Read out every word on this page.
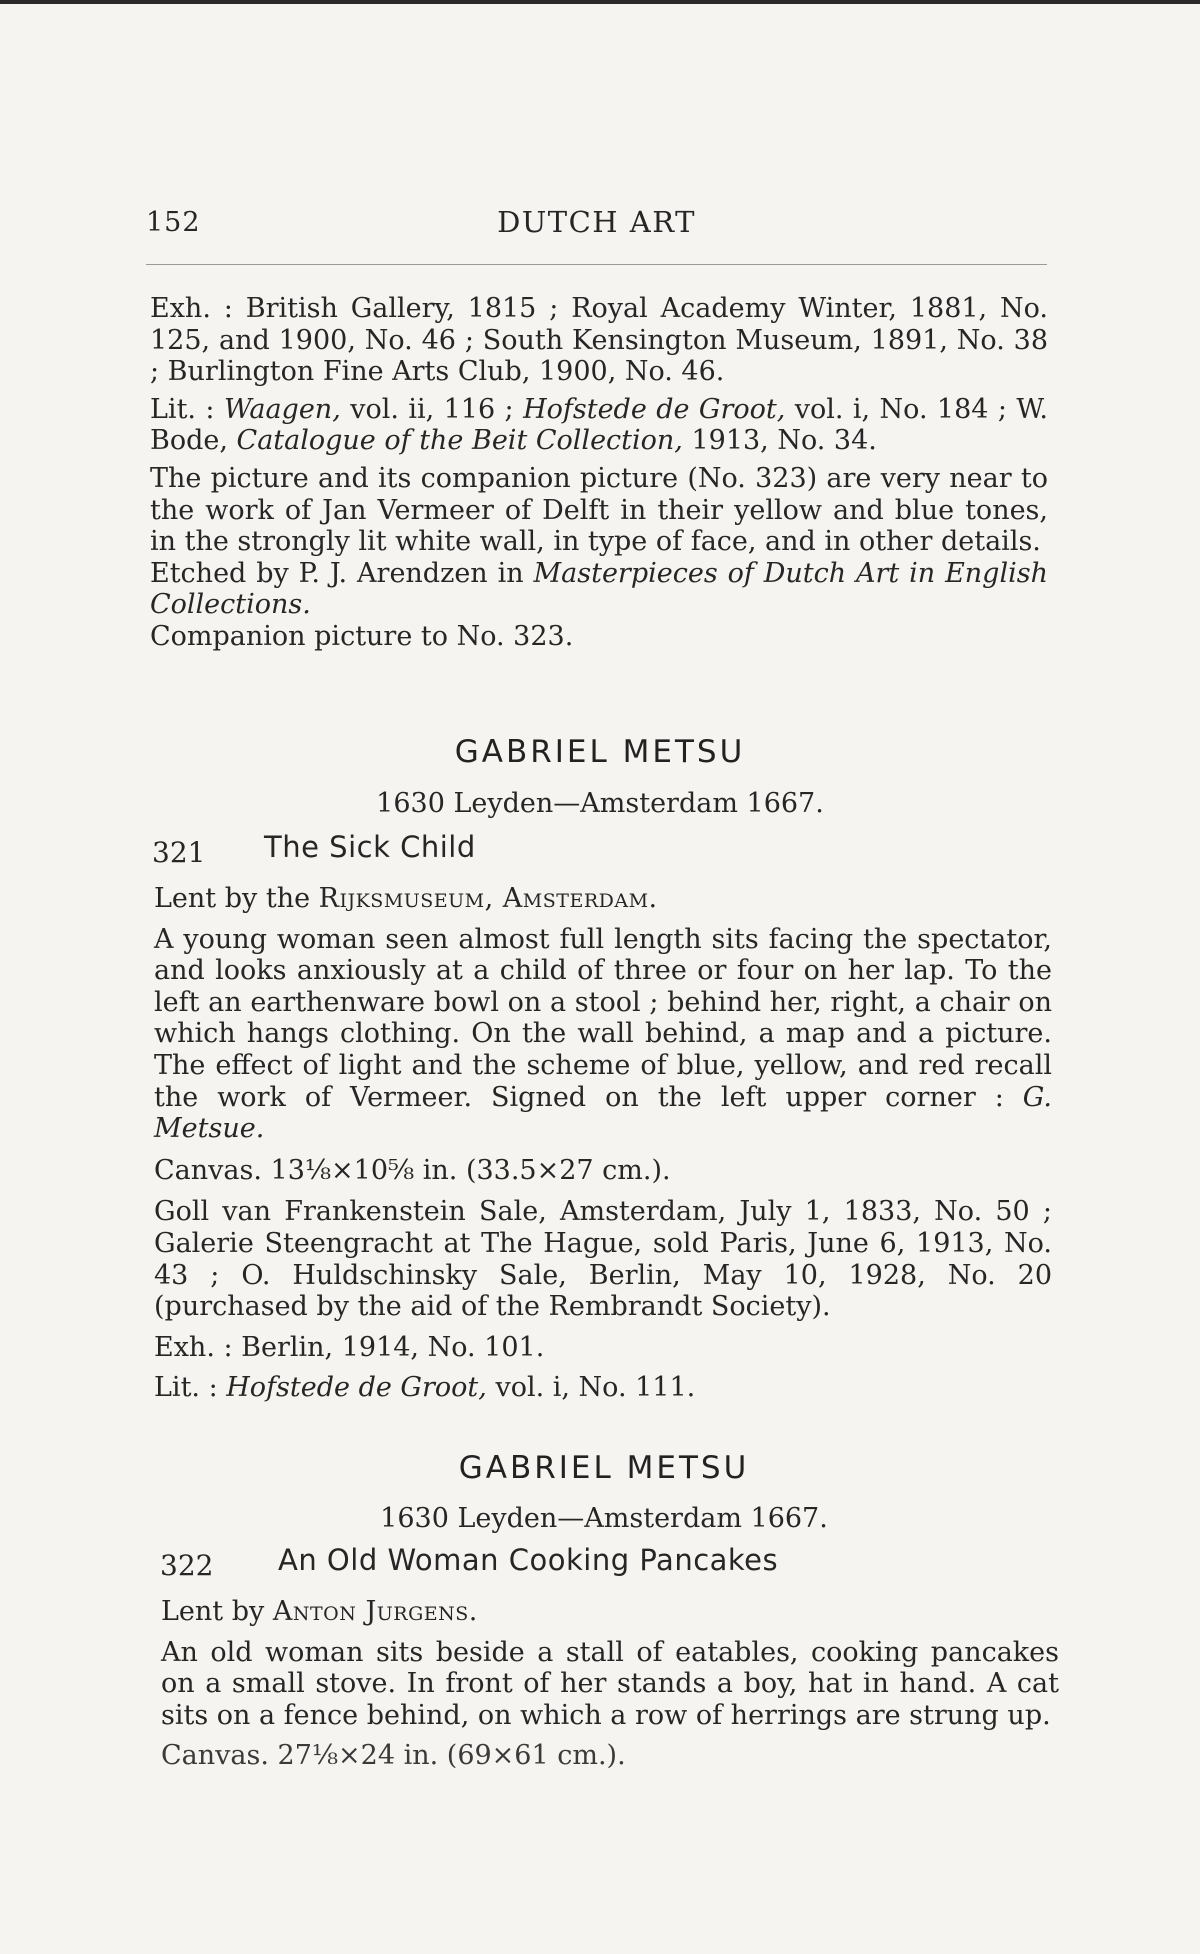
152	DUTCH ART

Exh. : British Gallery, 1815 ; Royal Academy Winter, 1881, No. 125, and 1900, No. 46 ; South Kensington Museum, 1891, No. 38 ; Burlington Fine Arts Club, 1900, No. 46.

Lit. : Waagen, vol. ii, 116 ; Hofstede de Groot, vol. i, No. 184 ; W. Bode, Catalogue of the Beit Collection, 1913, No. 34.

The picture and its companion picture (No. 323) are very near to the work of Jan Vermeer of Delft in their yellow and blue tones, in the strongly lit white wall, in type of face, and in other details.

Etched by P. J. Arendzen in Masterpieces of Dutch Art in English Collections.

Companion picture to No. 323.

GABRIEL METSU
1630 Leyden—Amsterdam 1667.
321 The Sick Child

Lent by the Rijksmuseum, Amsterdam.

A young woman seen almost full length sits facing the spectator, and looks anxiously at a child of three or four on her lap. To the left an earthenware bowl on a stool ; behind her, right, a chair on which hangs clothing. On the wall behind, a map and a picture. The effect of light and the scheme of blue, yellow, and red recall the work of Vermeer. Signed on the left upper corner : G. Metsue.

Canvas. 13⅛×10⅝ in. (33.5×27 cm.).

Goll van Frankenstein Sale, Amsterdam, July 1, 1833, No. 50 ; Galerie Steengracht at The Hague, sold Paris, June 6, 1913, No. 43 ; O. Huldschinsky Sale, Berlin, May 10, 1928, No. 20 (purchased by the aid of the Rembrandt Society).

Exh. : Berlin, 1914, No. 101.

Lit. : Hofstede de Groot, vol. i, No. 111.

GABRIEL METSU
1630 Leyden—Amsterdam 1667.
322 An Old Woman Cooking Pancakes

Lent by Anton Jurgens.

An old woman sits beside a stall of eatables, cooking pancakes on a small stove. In front of her stands a boy, hat in hand. A cat sits on a fence behind, on which a row of herrings are strung up.

Canvas. 27⅛×24 in. (69×61 cm.).
